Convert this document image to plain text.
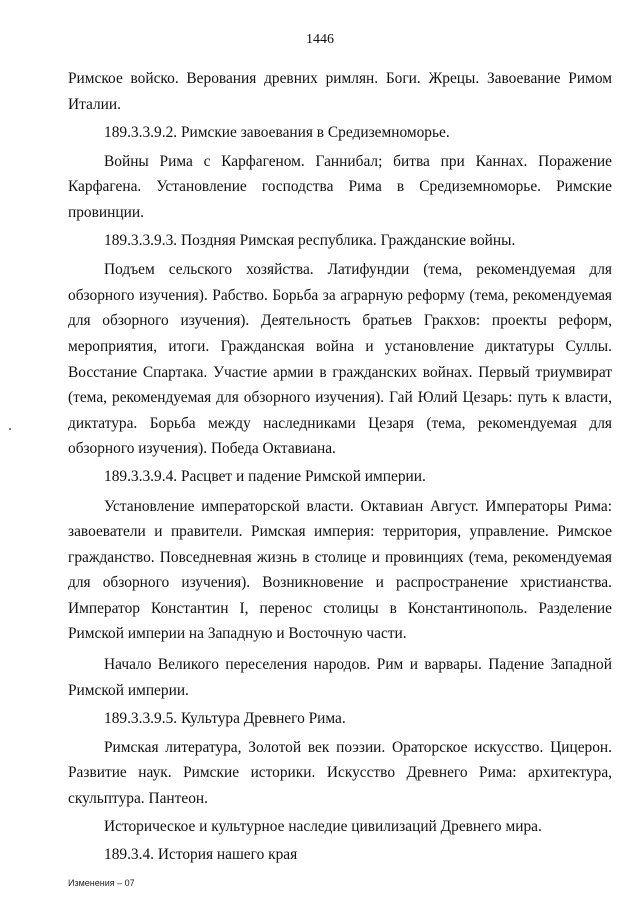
1446

Римское войско. Верования древних римлян. Боги. Жрецы. Завоевание Римом Италии.

189.3.3.9.2. Римские завоевания в Средиземноморье.

Войны Рима с Карфагеном. Ганнибал; битва при Каннах. Поражение Карфагена. Установление господства Рима в Средиземноморье. Римские провинции.

189.3.3.9.3. Поздняя Римская республика. Гражданские войны.

Подъем сельского хозяйства. Латифундии (тема, рекомендуемая для обзорного изучения). Рабство. Борьба за аграрную реформу (тема, рекомендуемая для обзорного изучения). Деятельность братьев Гракхов: проекты реформ, мероприятия, итоги. Гражданская война и установление диктатуры Суллы. Восстание Спартака. Участие армии в гражданских войнах. Первый триумвират (тема, рекомендуемая для обзорного изучения). Гай Юлий Цезарь: путь к власти, диктатура. Борьба между наследниками Цезаря (тема, рекомендуемая для обзорного изучения). Победа Октавиана.

189.3.3.9.4. Расцвет и падение Римской империи.

Установление императорской власти. Октавиан Август. Императоры Рима: завоеватели и правители. Римская империя: территория, управление. Римское гражданство. Повседневная жизнь в столице и провинциях (тема, рекомендуемая для обзорного изучения). Возникновение и распространение христианства. Император Константин I, перенос столицы в Константинополь. Разделение Римской империи на Западную и Восточную части.

Начало Великого переселения народов. Рим и варвары. Падение Западной Римской империи.

189.3.3.9.5. Культура Древнего Рима.

Римская литература, Золотой век поэзии. Ораторское искусство. Цицерон. Развитие наук. Римские историки. Искусство Древнего Рима: архитектура, скульптура. Пантеон.

Историческое и культурное наследие цивилизаций Древнего мира.

189.3.4. История нашего края

Изменения – 07
